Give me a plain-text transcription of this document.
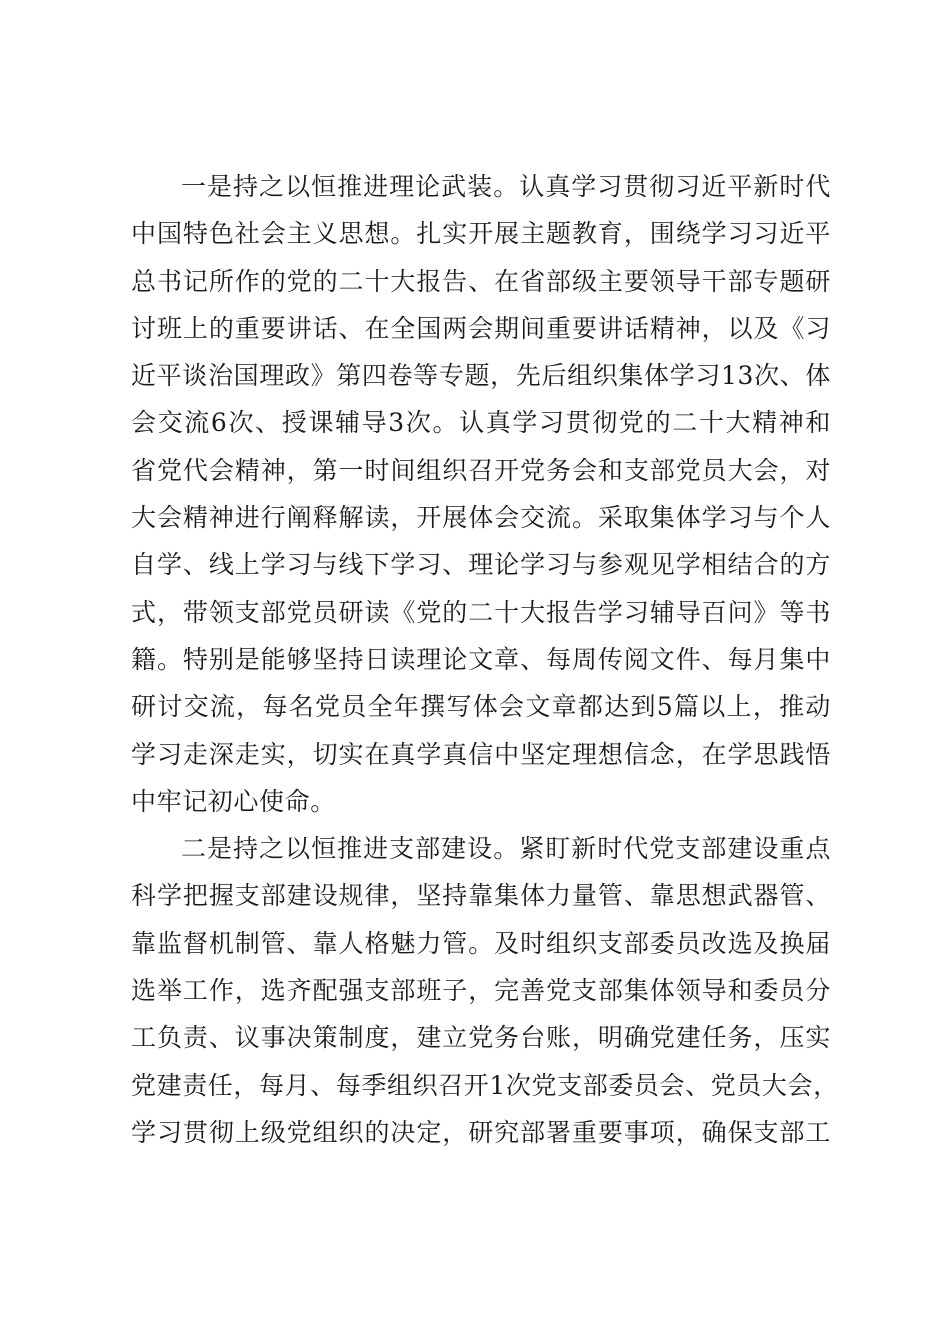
一是持之以恒推进理论武装。认真学习贯彻习近平新时代
中国特色社会主义思想。扎实开展主题教育，围绕学习习近平
总书记所作的党的二十大报告、在省部级主要领导干部专题研
讨班上的重要讲话、在全国两会期间重要讲话精神，以及《习
近平谈治国理政》第四卷等专题，先后组织集体学习13次、体
会交流6次、授课辅导3次。认真学习贯彻党的二十大精神和
省党代会精神，第一时间组织召开党务会和支部党员大会，对
大会精神进行阐释解读，开展体会交流。采取集体学习与个人
自学、线上学习与线下学习、理论学习与参观见学相结合的方
式，带领支部党员研读《党的二十大报告学习辅导百问》等书
籍。特别是能够坚持日读理论文章、每周传阅文件、每月集中
研讨交流，每名党员全年撰写体会文章都达到5篇以上，推动
学习走深走实，切实在真学真信中坚定理想信念，在学思践悟
中牢记初心使命。
二是持之以恒推进支部建设。紧盯新时代党支部建设重点
科学把握支部建设规律，坚持靠集体力量管、靠思想武器管、
靠监督机制管、靠人格魅力管。及时组织支部委员改选及换届
选举工作，选齐配强支部班子，完善党支部集体领导和委员分
工负责、议事决策制度，建立党务台账，明确党建任务，压实
党建责任，每月、每季组织召开1次党支部委员会、党员大会，
学习贯彻上级党组织的决定，研究部署重要事项，确保支部工
